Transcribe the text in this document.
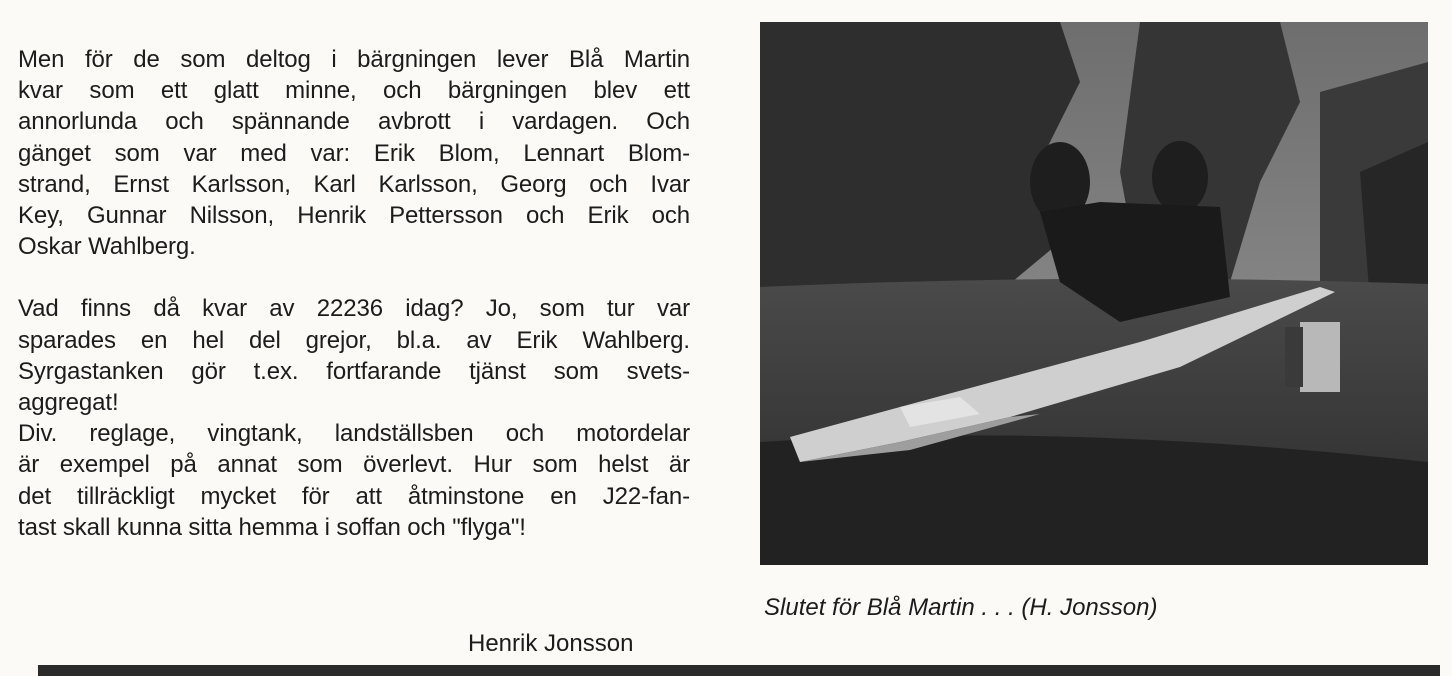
Men för de som deltog i bärgningen lever Blå Martin
kvar som ett glatt minne, och bärgningen blev ett
annorlunda och spännande avbrott i vardagen. Och
gänget som var med var: Erik Blom, Lennart Blom-
strand, Ernst Karlsson, Karl Karlsson, Georg och Ivar
Key, Gunnar Nilsson, Henrik Pettersson och Erik och
Oskar Wahlberg.

Vad finns då kvar av 22236 idag? Jo, som tur var
sparades en hel del grejor, bl.a. av Erik Wahlberg.
Syrgastanken gör t.ex. fortfarande tjänst som svets-
aggregat!

Div. reglage, vingtank, landställsben och motordelar
är exempel på annat som överlevt. Hur som helst är
det tillräckligt mycket för att åtminstone en J22-fan-
tast skall kunna sitta hemma i soffan och "flyga"!

Henrik Jonsson
Slutet för Blå Martin . . . (H. Jonsson)
